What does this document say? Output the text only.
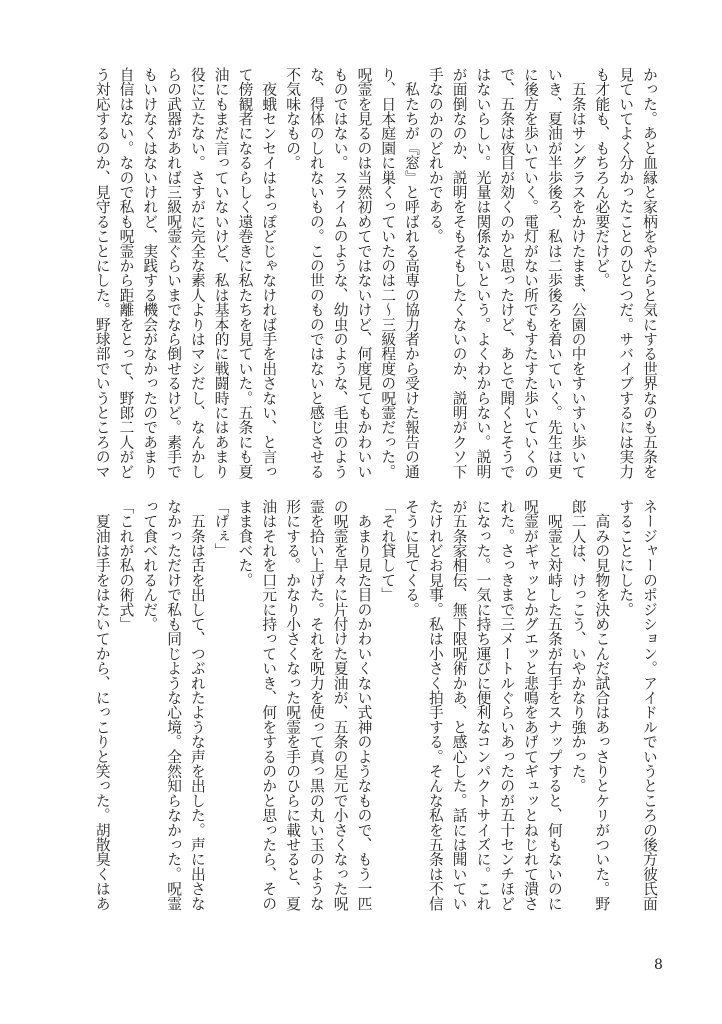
かった。あと血縁と家柄をやたらと気にする世界なのも五条を
見ていてよく分かったことのひとつだ。サバイブするには実力
も才能も、もちろん必要だけど。
　五条はサングラスをかけたまま、公園の中をすいすい歩いて
いき、夏油が半歩後ろ、私は二歩後ろを着いていく。先生は更
に後方を歩いていく。電灯がない所でもすたすた歩いていくの
で、五条は夜目が効くのかと思ったけど、あとで聞くとそうで
はないらしい。光量は関係ないという。よくわからない。説明
が面倒なのか、説明をそもそもしたくないのか、説明がクソ下
手なのかのどれかである。
　私たちが『窓』と呼ばれる高専の協力者から受けた報告の通
り、日本庭園に巣くっていたのは二～三級程度の呪霊だった。
呪霊を見るのは当然初めてではないけど、何度見てもかわいい
ものではない。スライムのような、幼虫のような、毛虫のよう
な、得体のしれないもの。この世のものではないと感じさせる
不気味なもの。
　夜蛾センセイはよっぽどじゃなければ手を出さない、と言っ
て傍観者になるらしく遠巻きに私たちを見ていた。五条にも夏
油にもまだ言っていないけど、私は基本的に戦闘時にはあまり
役に立たない。さすがに完全な素人よりはマシだし、なんかし
らの武器があれば三級呪霊ぐらいまでなら倒せるけど。素手で
もいけなくはないけれど、実践する機会がなかったのであまり
自信はない。なので私も呪霊から距離をとって、野郎二人がど
う対応するのか、見守ることにした。野球部でいうところのマ
ネージャーのポジション。アイドルでいうところの後方彼氏面
することにした。
　高みの見物を決めこんだ試合はあっさりとケリがついた。野
郎二人は、けっこう、いやかなり強かった。
　呪霊と対峙した五条が右手をスナップすると、何もないのに
呪霊がギャッとかグエッと悲鳴をあげてギュッとねじれて潰さ
れた。さっきまで三メートルぐらいあったのが五十センチほど
になった。一気に持ち運びに便利なコンパクトサイズに。これ
が五条家相伝、無下限呪術かあ、と感心した。話には聞いてい
たけれどお見事。私は小さく拍手する。そんな私を五条は不信
そうに見てくる。
「それ貸して」
　あまり見た目のかわいくない式神のようなもので、もう一匹
の呪霊を早々に片付けた夏油が、五条の足元で小さくなった呪
霊を拾い上げた。それを呪力を使って真っ黒の丸い玉のような
形にする。かなり小さくなった呪霊を手のひらに載せると、夏
油はそれを口元に持っていき、何をするのかと思ったら、その
まま食べた。
「げぇ」
　五条は舌を出して、つぶれたような声を出した。声に出さな
なかっただけで私も同じような心境。全然知らなかった。呪霊
って食べれるんだ。
「これが私の術式」
　夏油は手をはたいてから、にっこりと笑った。胡散臭くはあ
8
